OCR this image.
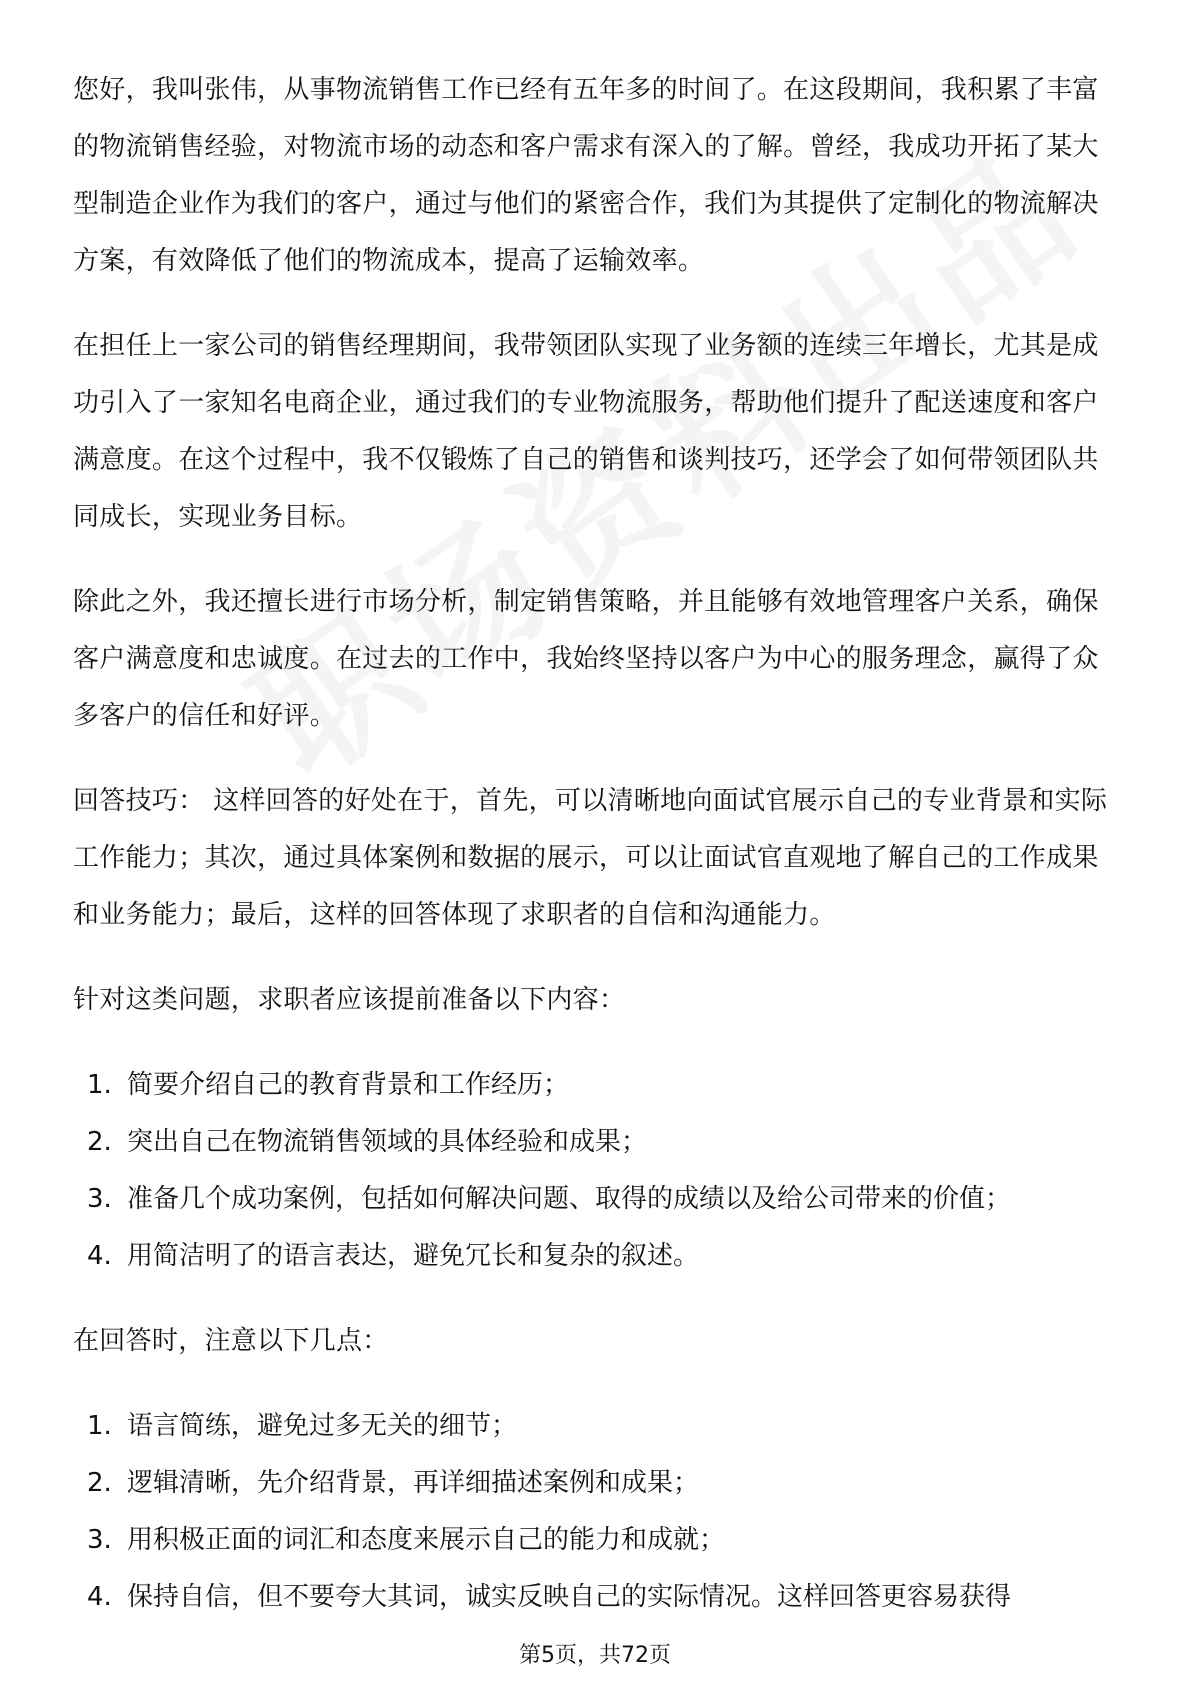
您好，我叫张伟，从事物流销售工作已经有五年多的时间了。在这段期间，我积累了丰富的物流销售经验，对物流市场的动态和客户需求有深入的了解。曾经，我成功开拓了某大型制造企业作为我们的客户，通过与他们的紧密合作，我们为其提供了定制化的物流解决方案，有效降低了他们的物流成本，提高了运输效率。

在担任上一家公司的销售经理期间，我带领团队实现了业务额的连续三年增长，尤其是成功引入了一家知名电商企业，通过我们的专业物流服务，帮助他们提升了配送速度和客户满意度。在这个过程中，我不仅锻炼了自己的销售和谈判技巧，还学会了如何带领团队共同成长，实现业务目标。

除此之外，我还擅长进行市场分析，制定销售策略，并且能够有效地管理客户关系，确保客户满意度和忠诚度。在过去的工作中，我始终坚持以客户为中心的服务理念，赢得了众多客户的信任和好评。

回答技巧： 这样回答的好处在于，首先，可以清晰地向面试官展示自己的专业背景和实际工作能力；其次，通过具体案例和数据的展示，可以让面试官直观地了解自己的工作成果和业务能力；最后，这样的回答体现了求职者的自信和沟通能力。

针对这类问题，求职者应该提前准备以下内容：

1. 简要介绍自己的教育背景和工作经历；
2. 突出自己在物流销售领域的具体经验和成果；
3. 准备几个成功案例，包括如何解决问题、取得的成绩以及给公司带来的价值；
4. 用简洁明了的语言表达，避免冗长和复杂的叙述。

在回答时，注意以下几点：

1. 语言简练，避免过多无关的细节；
2. 逻辑清晰，先介绍背景，再详细描述案例和成果；
3. 用积极正面的词汇和态度来展示自己的能力和成就；
4. 保持自信，但不要夸大其词，诚实反映自己的实际情况。这样回答更容易获得
第5页，共72页
